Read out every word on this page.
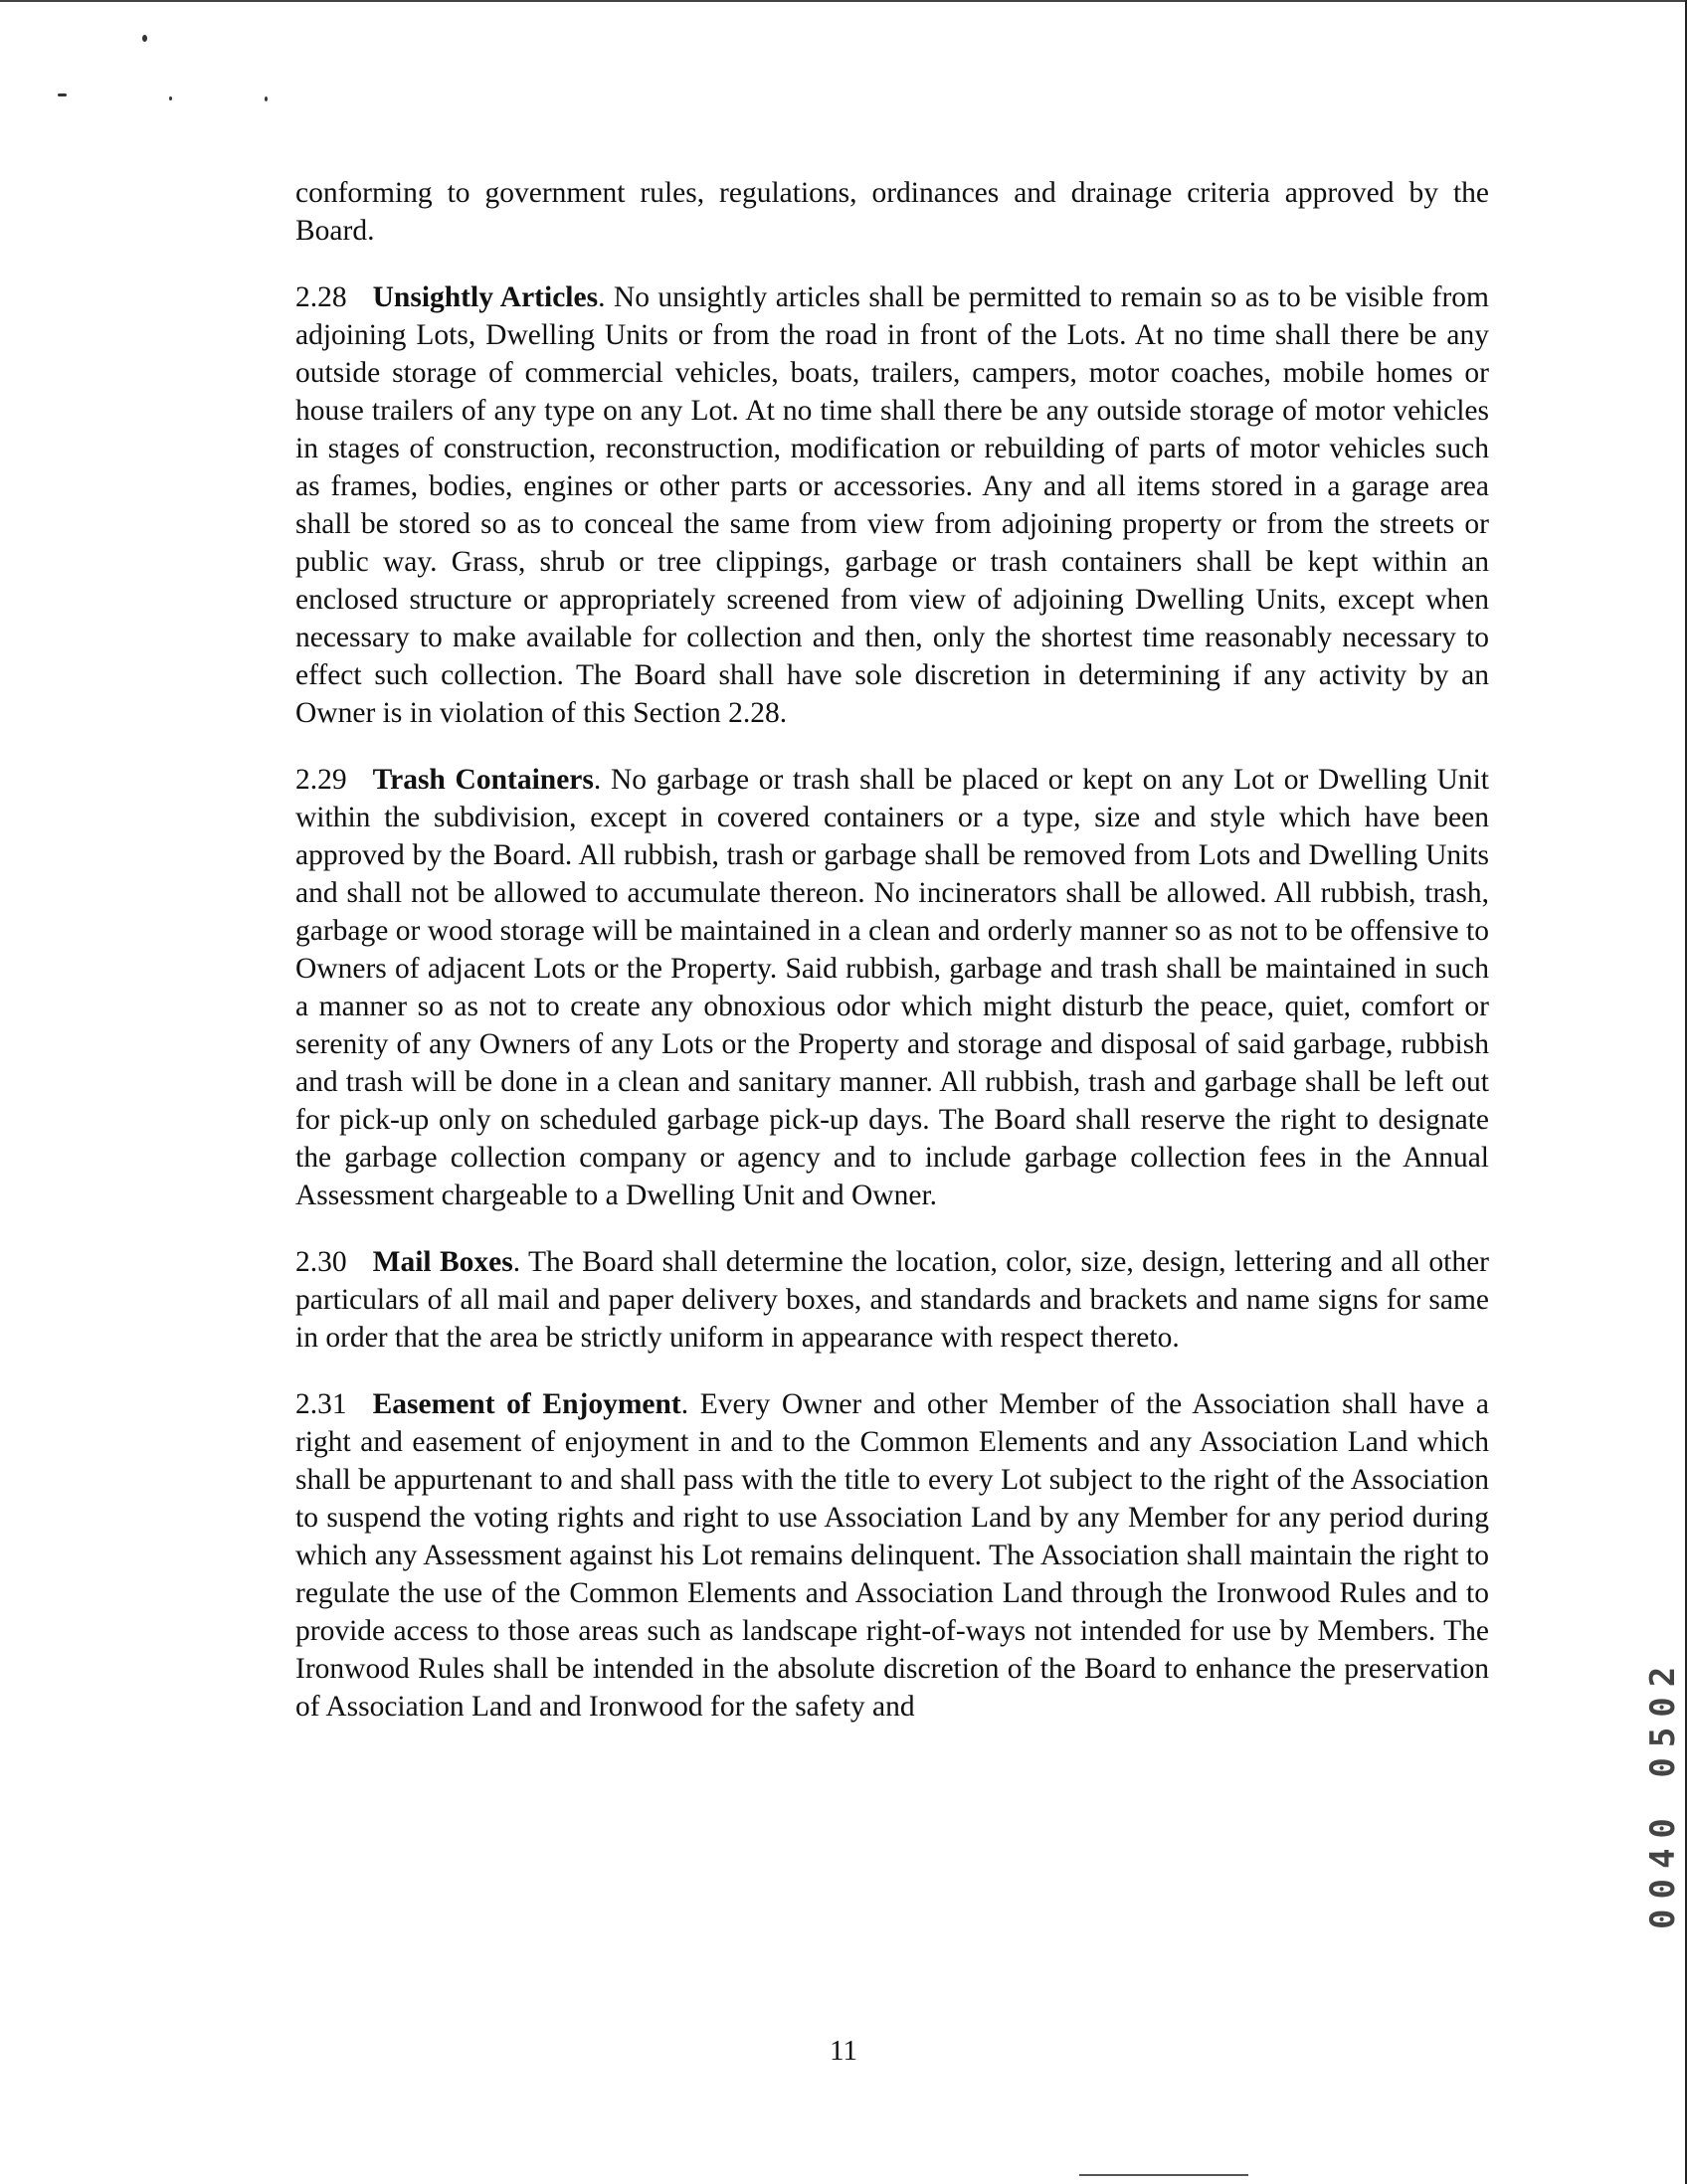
conforming to government rules, regulations, ordinances and drainage criteria approved by the Board.

2.28 Unsightly Articles. No unsightly articles shall be permitted to remain so as to be visible from adjoining Lots, Dwelling Units or from the road in front of the Lots. At no time shall there be any outside storage of commercial vehicles, boats, trailers, campers, motor coaches, mobile homes or house trailers of any type on any Lot. At no time shall there be any outside storage of motor vehicles in stages of construction, reconstruction, modification or rebuilding of parts of motor vehicles such as frames, bodies, engines or other parts or accessories. Any and all items stored in a garage area shall be stored so as to conceal the same from view from adjoining property or from the streets or public way. Grass, shrub or tree clippings, garbage or trash containers shall be kept within an enclosed structure or appropriately screened from view of adjoining Dwelling Units, except when necessary to make available for collection and then, only the shortest time reasonably necessary to effect such collection. The Board shall have sole discretion in determining if any activity by an Owner is in violation of this Section 2.28.

2.29 Trash Containers. No garbage or trash shall be placed or kept on any Lot or Dwelling Unit within the subdivision, except in covered containers or a type, size and style which have been approved by the Board. All rubbish, trash or garbage shall be removed from Lots and Dwelling Units and shall not be allowed to accumulate thereon. No incinerators shall be allowed. All rubbish, trash, garbage or wood storage will be maintained in a clean and orderly manner so as not to be offensive to Owners of adjacent Lots or the Property. Said rubbish, garbage and trash shall be maintained in such a manner so as not to create any obnoxious odor which might disturb the peace, quiet, comfort or serenity of any Owners of any Lots or the Property and storage and disposal of said garbage, rubbish and trash will be done in a clean and sanitary manner. All rubbish, trash and garbage shall be left out for pick-up only on scheduled garbage pick-up days. The Board shall reserve the right to designate the garbage collection company or agency and to include garbage collection fees in the Annual Assessment chargeable to a Dwelling Unit and Owner.

2.30 Mail Boxes. The Board shall determine the location, color, size, design, lettering and all other particulars of all mail and paper delivery boxes, and standards and brackets and name signs for same in order that the area be strictly uniform in appearance with respect thereto.

2.31 Easement of Enjoyment. Every Owner and other Member of the Association shall have a right and easement of enjoyment in and to the Common Elements and any Association Land which shall be appurtenant to and shall pass with the title to every Lot subject to the right of the Association to suspend the voting rights and right to use Association Land by any Member for any period during which any Assessment against his Lot remains delinquent. The Association shall maintain the right to regulate the use of the Common Elements and Association Land through the Ironwood Rules and to provide access to those areas such as landscape right-of-ways not intended for use by Members. The Ironwood Rules shall be intended in the absolute discretion of the Board to enhance the preservation of Association Land and Ironwood for the safety and	0040 0502
11
